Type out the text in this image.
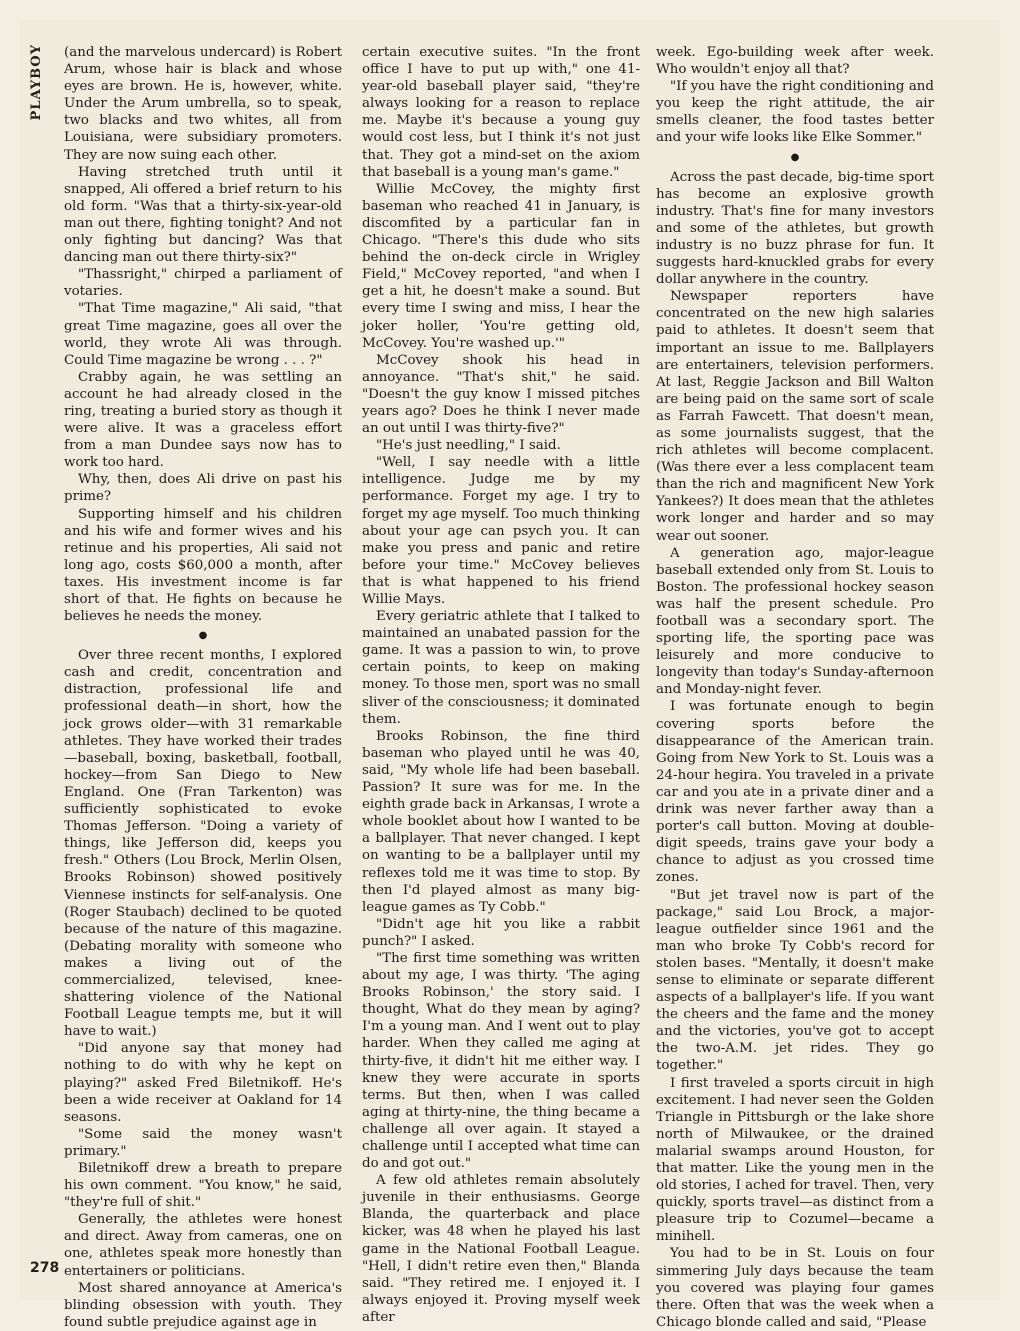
PLAYBOY
278

(and the marvelous undercard) is Robert Arum, whose hair is black and whose eyes are brown. He is, however, white. Under the Arum umbrella, so to speak, two blacks and two whites, all from Louisiana, were subsidiary promoters. They are now suing each other.

Having stretched truth until it snapped, Ali offered a brief return to his old form. "Was that a thirty-six-year-old man out there, fighting tonight? And not only fighting but dancing? Was that dancing man out there thirty-six?"

"Thassright," chirped a parliament of votaries.

"That Time magazine," Ali said, "that great Time magazine, goes all over the world, they wrote Ali was through. Could Time magazine be wrong . . . ?"

Crabby again, he was settling an account he had already closed in the ring, treating a buried story as though it were alive. It was a graceless effort from a man Dundee says now has to work too hard.

Why, then, does Ali drive on past his prime?

Supporting himself and his children and his wife and former wives and his retinue and his properties, Ali said not long ago, costs $60,000 a month, after taxes. His investment income is far short of that. He fights on because he believes he needs the money.

●

Over three recent months, I explored cash and credit, concentration and distraction, professional life and professional death—in short, how the jock grows older—with 31 remarkable athletes. They have worked their trades—baseball, boxing, basketball, football, hockey—from San Diego to New England. One (Fran Tarkenton) was sufficiently sophisticated to evoke Thomas Jefferson. "Doing a variety of things, like Jefferson did, keeps you fresh." Others (Lou Brock, Merlin Olsen, Brooks Robinson) showed positively Viennese instincts for self-analysis. One (Roger Staubach) declined to be quoted because of the nature of this magazine. (Debating morality with someone who makes a living out of the commercialized, televised, knee-shattering violence of the National Football League tempts me, but it will have to wait.)

"Did anyone say that money had nothing to do with why he kept on playing?" asked Fred Biletnikoff. He's been a wide receiver at Oakland for 14 seasons.

"Some said the money wasn't primary."

Biletnikoff drew a breath to prepare his own comment. "You know," he said, "they're full of shit."

Generally, the athletes were honest and direct. Away from cameras, one on one, athletes speak more honestly than entertainers or politicians.

Most shared annoyance at America's blinding obsession with youth. They found subtle prejudice against age in

certain executive suites. "In the front office I have to put up with," one 41-year-old baseball player said, "they're always looking for a reason to replace me. Maybe it's because a young guy would cost less, but I think it's not just that. They got a mind-set on the axiom that baseball is a young man's game."

Willie McCovey, the mighty first baseman who reached 41 in January, is discomfited by a particular fan in Chicago. "There's this dude who sits behind the on-deck circle in Wrigley Field," McCovey reported, "and when I get a hit, he doesn't make a sound. But every time I swing and miss, I hear the joker holler, 'You're getting old, McCovey. You're washed up.'"

McCovey shook his head in annoyance. "That's shit," he said. "Doesn't the guy know I missed pitches years ago? Does he think I never made an out until I was thirty-five?"

"He's just needling," I said.

"Well, I say needle with a little intelligence. Judge me by my performance. Forget my age. I try to forget my age myself. Too much thinking about your age can psych you. It can make you press and panic and retire before your time." McCovey believes that is what happened to his friend Willie Mays.

Every geriatric athlete that I talked to maintained an unabated passion for the game. It was a passion to win, to prove certain points, to keep on making money. To those men, sport was no small sliver of the consciousness; it dominated them.

Brooks Robinson, the fine third baseman who played until he was 40, said, "My whole life had been baseball. Passion? It sure was for me. In the eighth grade back in Arkansas, I wrote a whole booklet about how I wanted to be a ballplayer. That never changed. I kept on wanting to be a ballplayer until my reflexes told me it was time to stop. By then I'd played almost as many big-league games as Ty Cobb."

"Didn't age hit you like a rabbit punch?" I asked.

"The first time something was written about my age, I was thirty. 'The aging Brooks Robinson,' the story said. I thought, What do they mean by aging? I'm a young man. And I went out to play harder. When they called me aging at thirty-five, it didn't hit me either way. I knew they were accurate in sports terms. But then, when I was called aging at thirty-nine, the thing became a challenge all over again. It stayed a challenge until I accepted what time can do and got out."

A few old athletes remain absolutely juvenile in their enthusiasms. George Blanda, the quarterback and place kicker, was 48 when he played his last game in the National Football League. "Hell, I didn't retire even then," Blanda said. "They retired me. I enjoyed it. I always enjoyed it. Proving myself week after

week. Ego-building week after week. Who wouldn't enjoy all that?

"If you have the right conditioning and you keep the right attitude, the air smells cleaner, the food tastes better and your wife looks like Elke Sommer."

●

Across the past decade, big-time sport has become an explosive growth industry. That's fine for many investors and some of the athletes, but growth industry is no buzz phrase for fun. It suggests hard-knuckled grabs for every dollar anywhere in the country.

Newspaper reporters have concentrated on the new high salaries paid to athletes. It doesn't seem that important an issue to me. Ballplayers are entertainers, television performers. At last, Reggie Jackson and Bill Walton are being paid on the same sort of scale as Farrah Fawcett. That doesn't mean, as some journalists suggest, that the rich athletes will become complacent. (Was there ever a less complacent team than the rich and magnificent New York Yankees?) It does mean that the athletes work longer and harder and so may wear out sooner.

A generation ago, major-league baseball extended only from St. Louis to Boston. The professional hockey season was half the present schedule. Pro football was a secondary sport. The sporting life, the sporting pace was leisurely and more conducive to longevity than today's Sunday-afternoon and Monday-night fever.

I was fortunate enough to begin covering sports before the disappearance of the American train. Going from New York to St. Louis was a 24-hour hegira. You traveled in a private car and you ate in a private diner and a drink was never farther away than a porter's call button. Moving at double-digit speeds, trains gave your body a chance to adjust as you crossed time zones.

"But jet travel now is part of the package," said Lou Brock, a major-league outfielder since 1961 and the man who broke Ty Cobb's record for stolen bases. "Mentally, it doesn't make sense to eliminate or separate different aspects of a ballplayer's life. If you want the cheers and the fame and the money and the victories, you've got to accept the two-A.M. jet rides. They go together."

I first traveled a sports circuit in high excitement. I had never seen the Golden Triangle in Pittsburgh or the lake shore north of Milwaukee, or the drained malarial swamps around Houston, for that matter. Like the young men in the old stories, I ached for travel. Then, very quickly, sports travel—as distinct from a pleasure trip to Cozumel—became a minihell.

You had to be in St. Louis on four simmering July days because the team you covered was playing four games there. Often that was the week when a Chicago blonde called and said, "Please
